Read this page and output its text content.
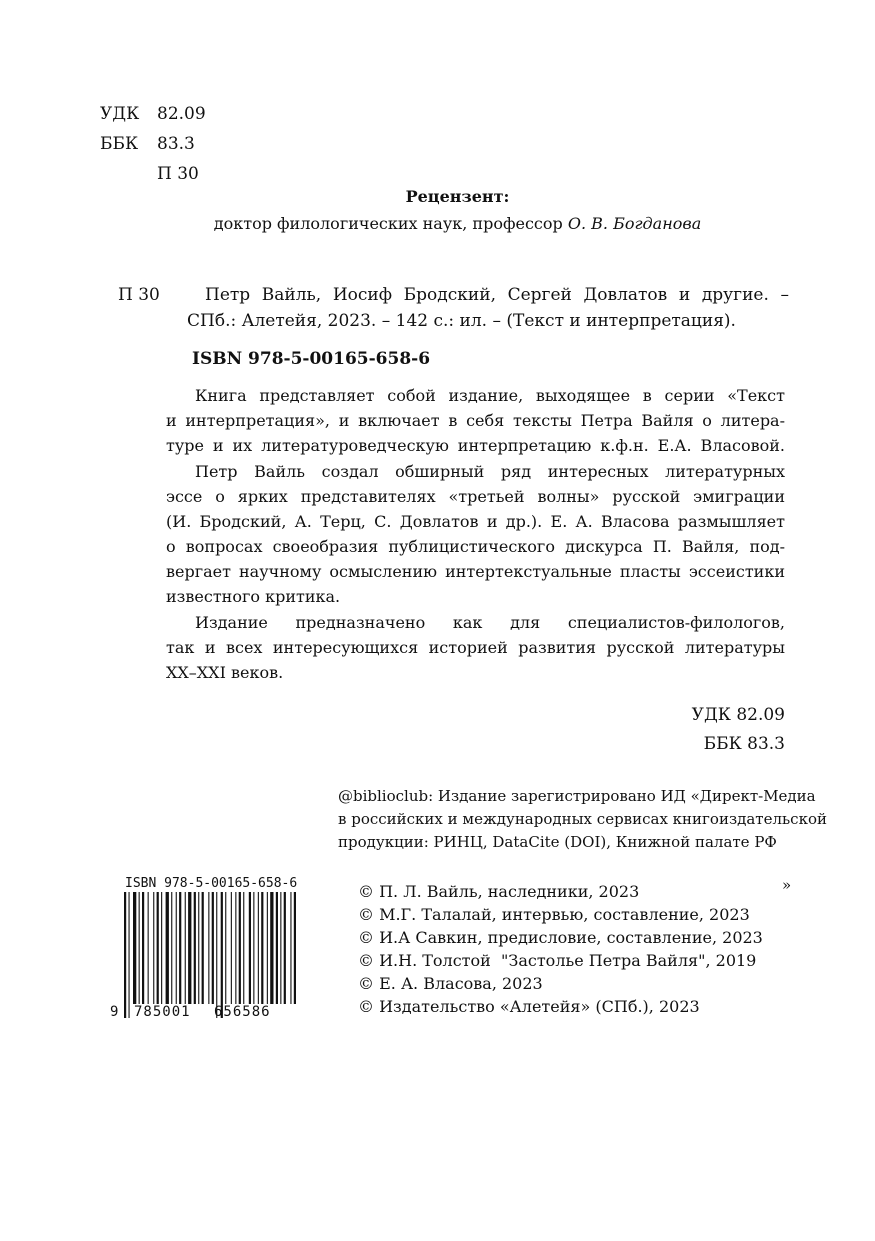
УДК 82.09
ББК 83.3
П 30
Рецензент:
доктор филологических наук, профессор О. В. Богданова
П 30	Петр Вайль, Иосиф Бродский, Сергей Довлатов и другие. –
СПб.: Алетейя, 2023. – 142 с.: ил. – (Текст и интерпретация).
ISBN 978-5-00165-658-6
Книга представляет собой издание, выходящее в серии «Текст
и интерпретация», и включает в себя тексты Петра Вайля о литера-
туре и их литературоведческую интерпретацию к.ф.н. Е.А. Власовой.
Петр Вайль создал обширный ряд интересных литературных
эссе о ярких представителях «третьей волны» русской эмиграции
(И. Бродский, А. Терц, С. Довлатов и др.). Е. А. Власова размышляет
о вопросах своеобразия публицистического дискурса П. Вайля, под-
вергает научному осмыслению интертекстуальные пласты эссеистики
известного критика.
Издание предназначено как для специалистов-филологов,
так и всех интересующихся историей развития русской литературы
XX–XXI веков.
УДК 82.09
ББК 83.3
@biblioclub: Издание зарегистрировано ИД «Директ-Медиа
в российских и международных сервисах книгоиздательской
продукции: РИНЦ, DataCite (DOI), Книжной палате РФ
ISBN 978-5-00165-658-6
9 785001 656586
»
© П. Л. Вайль, наследники, 2023
© М.Г. Талалай, интервью, составление, 2023
© И.А Савкин, предисловие, составление, 2023
© И.Н. Толстой  "Застолье Петра Вайля", 2019
© Е. А. Власова, 2023
© Издательство «Алетейя» (СПб.), 2023
